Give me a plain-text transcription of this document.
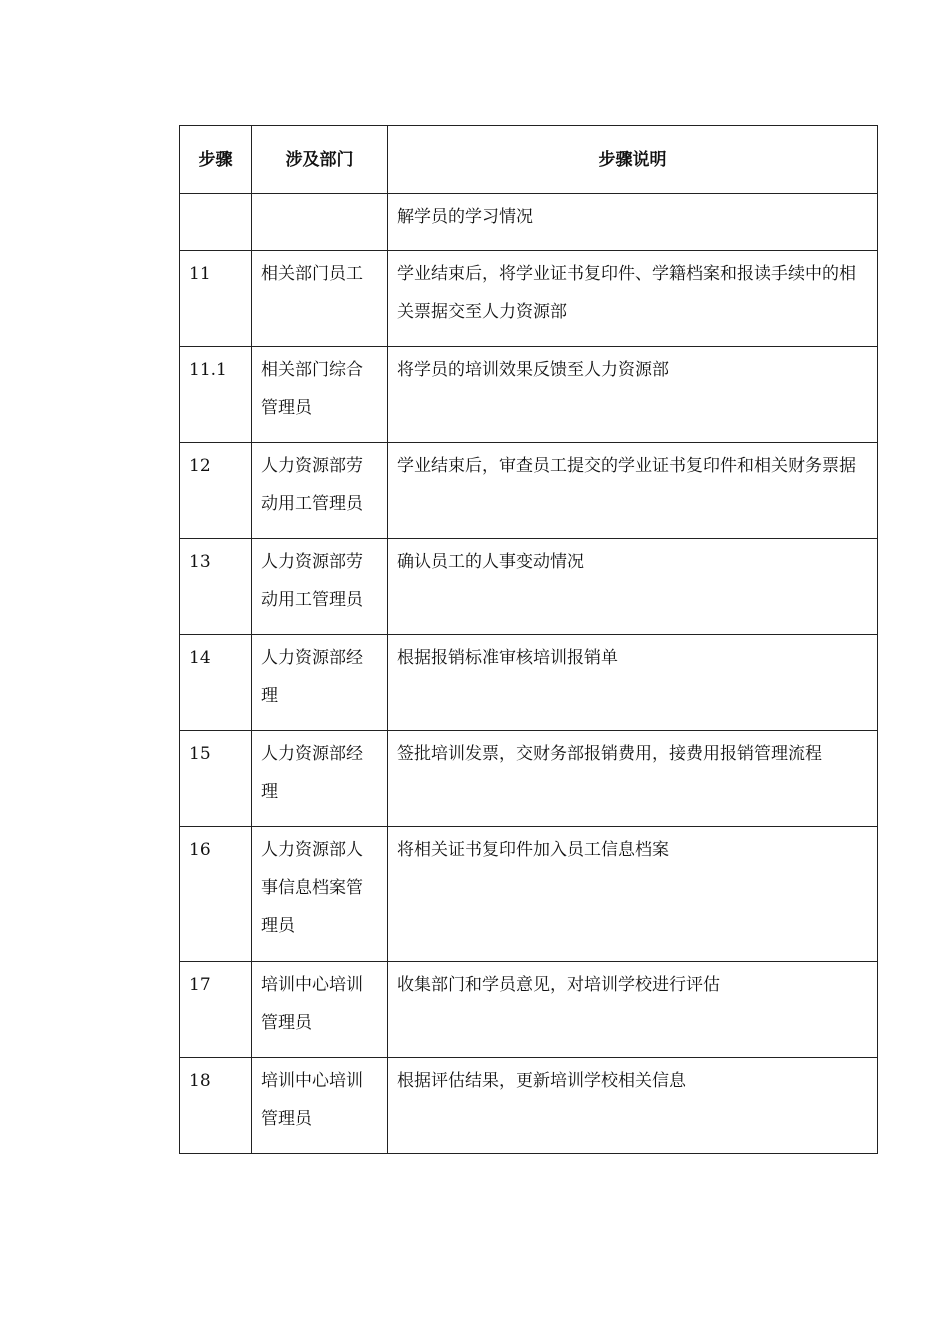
步骤	涉及部门	步骤说明
		解学员的学习情况
11	相关部门员工	学业结束后，将学业证书复印件、学籍档案和报读手续中的相关票据交至人力资源部
11.1	相关部门综合管理员	将学员的培训效果反馈至人力资源部
12	人力资源部劳动用工管理员	学业结束后，审查员工提交的学业证书复印件和相关财务票据
13	人力资源部劳动用工管理员	确认员工的人事变动情况
14	人力资源部经理	根据报销标准审核培训报销单
15	人力资源部经理	签批培训发票，交财务部报销费用，接费用报销管理流程
16	人力资源部人事信息档案管理员	将相关证书复印件加入员工信息档案
17	培训中心培训管理员	收集部门和学员意见，对培训学校进行评估
18	培训中心培训管理员	根据评估结果，更新培训学校相关信息
